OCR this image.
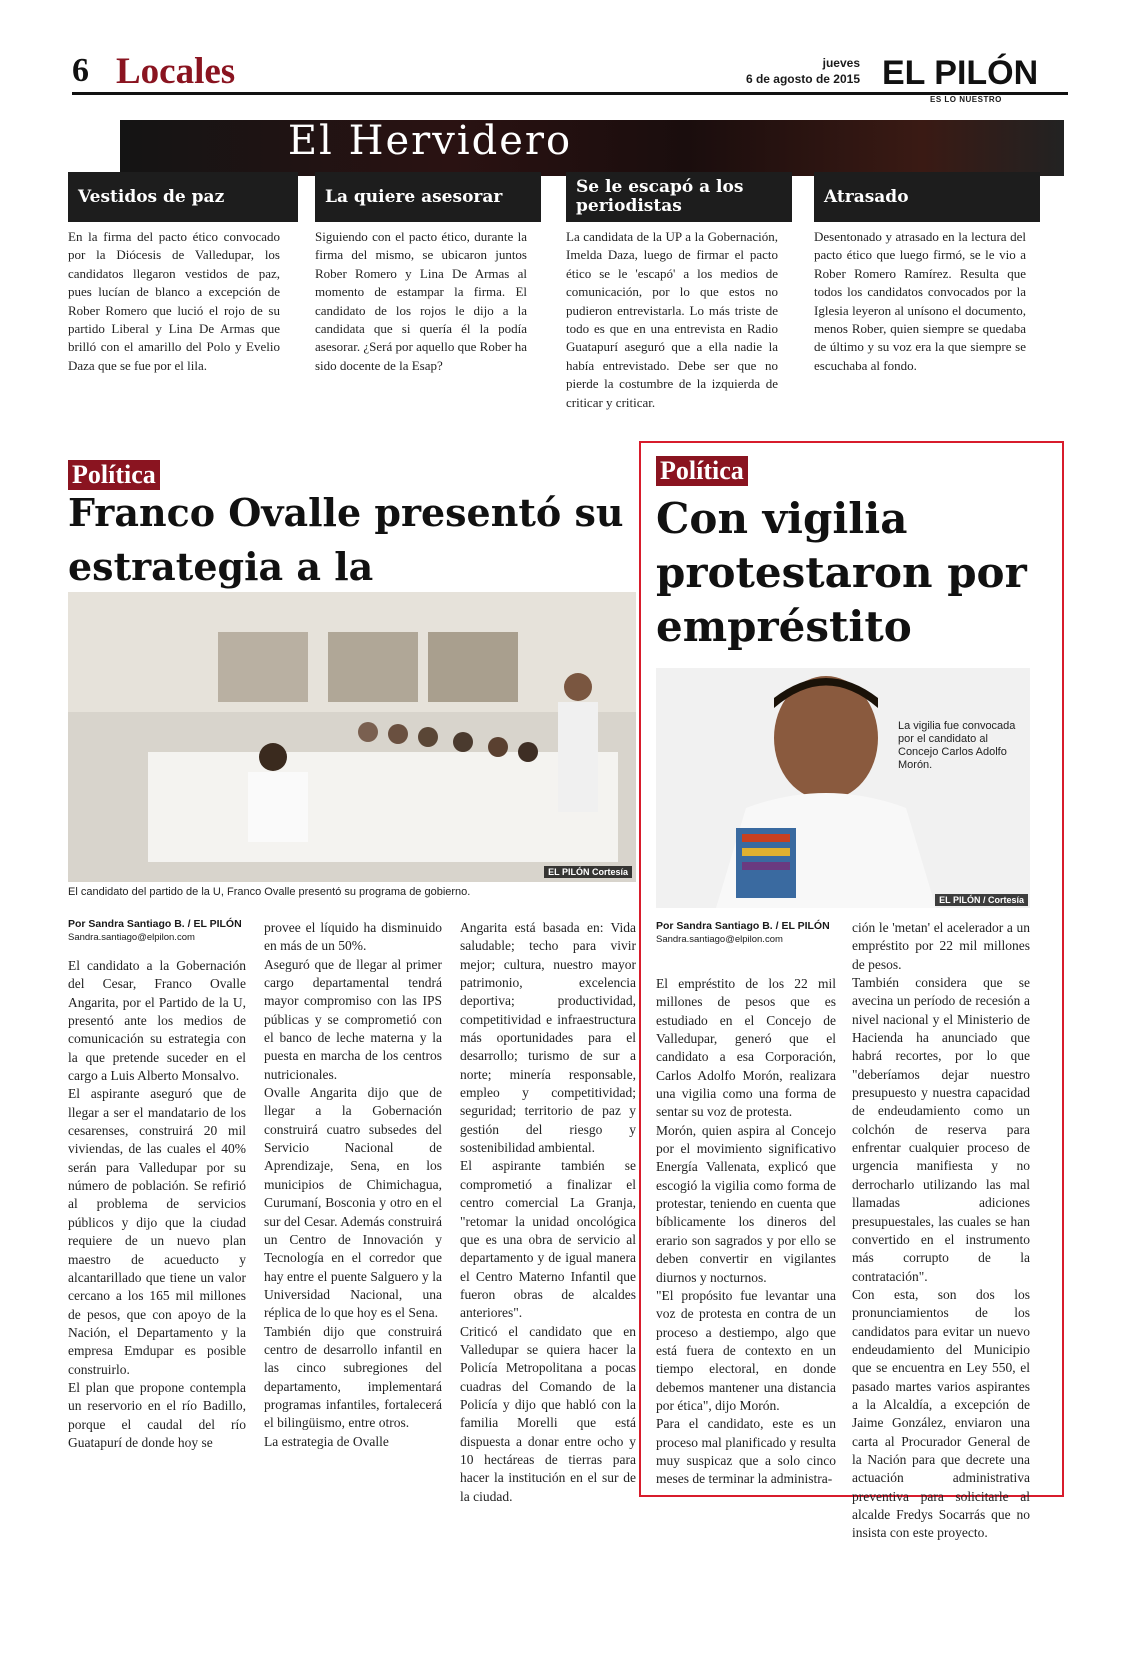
6 Locales	jueves
6 de agosto de 2015 EL PILÓN
ES LO NUESTRO
El Hervidero
Vestidos de paz
En la firma del pacto ético convocado por la Diócesis de Valledupar, los candidatos llegaron vestidos de paz, pues lucían de blanco a excepción de Rober Romero que lució el rojo de su partido Liberal y Lina De Armas que brilló con el amarillo del Polo y Evelio Daza que se fue por el lila.
La quiere asesorar
Siguiendo con el pacto ético, durante la firma del mismo, se ubicaron juntos Rober Romero y Lina De Armas al momento de estampar la firma. El candidato de los rojos le dijo a la candidata que si quería él la podía asesorar. ¿Será por aquello que Rober ha sido docente de la Esap?
Se le escapó a los periodistas
La candidata de la UP a la Gobernación, Imelda Daza, luego de firmar el pacto ético se le 'escapó' a los medios de comunicación, por lo que estos no pudieron entrevistarla. Lo más triste de todo es que en una entrevista en Radio Guatapurí aseguró que a ella nadie la había entrevistado. Debe ser que no pierde la costumbre de la izquierda de criticar y criticar.
Atrasado
Desentonado y atrasado en la lectura del pacto ético que luego firmó, se le vio a Rober Romero Ramírez. Resulta que todos los candidatos convocados por la Iglesia leyeron al unísono el documento, menos Rober, quien siempre se quedaba de último y su voz era la que siempre se escuchaba al fondo.
Política
Franco Ovalle presentó su estrategia a la
EL PILÓN Cortesía
El candidato del partido de la U, Franco Ovalle presentó su programa de gobierno.
Por Sandra Santiago B. / EL PILÓN
Sandra.santiago@elpilon.com
El candidato a la Gobernación del Cesar, Franco Ovalle Angarita, por el Partido de la U, presentó ante los medios de comunicación su estrategia con la que pretende suceder en el cargo a Luis Alberto Monsalvo.
El aspirante aseguró que de llegar a ser el mandatario de los cesarenses, construirá 20 mil viviendas, de las cuales el 40% serán para Valledupar por su número de población. Se refirió al problema de servicios públicos y dijo que la ciudad requiere de un nuevo plan maestro de acueducto y alcantarillado que tiene un valor cercano a los 165 mil millones de pesos, que con apoyo de la Nación, el Departamento y la empresa Emdupar es posible construirlo.
El plan que propone contempla un reservorio en el río Badillo, porque el caudal del río Guatapurí de donde hoy se
provee el líquido ha disminuido en más de un 50%.
Aseguró que de llegar al primer cargo departamental tendrá mayor compromiso con las IPS públicas y se comprometió con el banco de leche materna y la puesta en marcha de los centros nutricionales.
Ovalle Angarita dijo que de llegar a la Gobernación construirá cuatro subsedes del Servicio Nacional de Aprendizaje, Sena, en los municipios de Chimichagua, Curumaní, Bosconia y otro en el sur del Cesar. Además construirá un Centro de Innovación y Tecnología en el corredor que hay entre el puente Salguero y la Universidad Nacional, una réplica de lo que hoy es el Sena.
También dijo que construirá centro de desarrollo infantil en las cinco subregiones del departamento, implementará programas infantiles, fortalecerá el bilingüismo, entre otros.
La estrategia de Ovalle
Angarita está basada en: Vida saludable; techo para vivir mejor; cultura, nuestro mayor patrimonio, excelencia deportiva; productividad, competitividad e infraestructura más oportunidades para el desarrollo; turismo de sur a norte; minería responsable, empleo y competitividad; seguridad; territorio de paz y gestión del riesgo y sostenibilidad ambiental.
El aspirante también se comprometió a finalizar el centro comercial La Granja, "retomar la unidad oncológica que es una obra de servicio al departamento y de igual manera el Centro Materno Infantil que fueron obras de alcaldes anteriores".
Criticó el candidato que en Valledupar se quiera hacer la Policía Metropolitana a pocas cuadras del Comando de la Policía y dijo que habló con la familia Morelli que está dispuesta a donar entre ocho y 10 hectáreas de tierras para hacer la institución en el sur de la ciudad.
Política
Con vigilia protestaron por empréstito
La vigilia fue convocada por el candidato al Concejo Carlos Adolfo Morón.
EL PILÓN / Cortesía
Por Sandra Santiago B. / EL PILÓN
Sandra.santiago@elpilon.com
El empréstito de los 22 mil millones de pesos que es estudiado en el Concejo de Valledupar, generó que el candidato a esa Corporación, Carlos Adolfo Morón, realizara una vigilia como una forma de sentar su voz de protesta.
Morón, quien aspira al Concejo por el movimiento significativo Energía Vallenata, explicó que escogió la vigilia como forma de protestar, teniendo en cuenta que bíblicamente los dineros del erario son sagrados y por ello se deben convertir en vigilantes diurnos y nocturnos.
"El propósito fue levantar una voz de protesta en contra de un proceso a destiempo, algo que está fuera de contexto en un tiempo electoral, en donde debemos mantener una distancia por ética", dijo Morón.
Para el candidato, este es un proceso mal planificado y resulta muy suspicaz que a solo cinco meses de terminar la administra-
ción le 'metan' el acelerador a un empréstito por 22 mil millones de pesos.
También considera que se avecina un período de recesión a nivel nacional y el Ministerio de Hacienda ha anunciado que habrá recortes, por lo que "deberíamos dejar nuestro presupuesto y nuestra capacidad de endeudamiento como un colchón de reserva para enfrentar cualquier proceso de urgencia manifiesta y no derrocharlo utilizando las mal llamadas adiciones presupuestales, las cuales se han convertido en el instrumento más corrupto de la contratación".
Con esta, son dos los pronunciamientos de los candidatos para evitar un nuevo endeudamiento del Municipio que se encuentra en Ley 550, el pasado martes varios aspirantes a la Alcaldía, a excepción de Jaime González, enviaron una carta al Procurador General de la Nación para que decrete una actuación administrativa preventiva para solicitarle al alcalde Fredys Socarrás que no insista con este proyecto.
